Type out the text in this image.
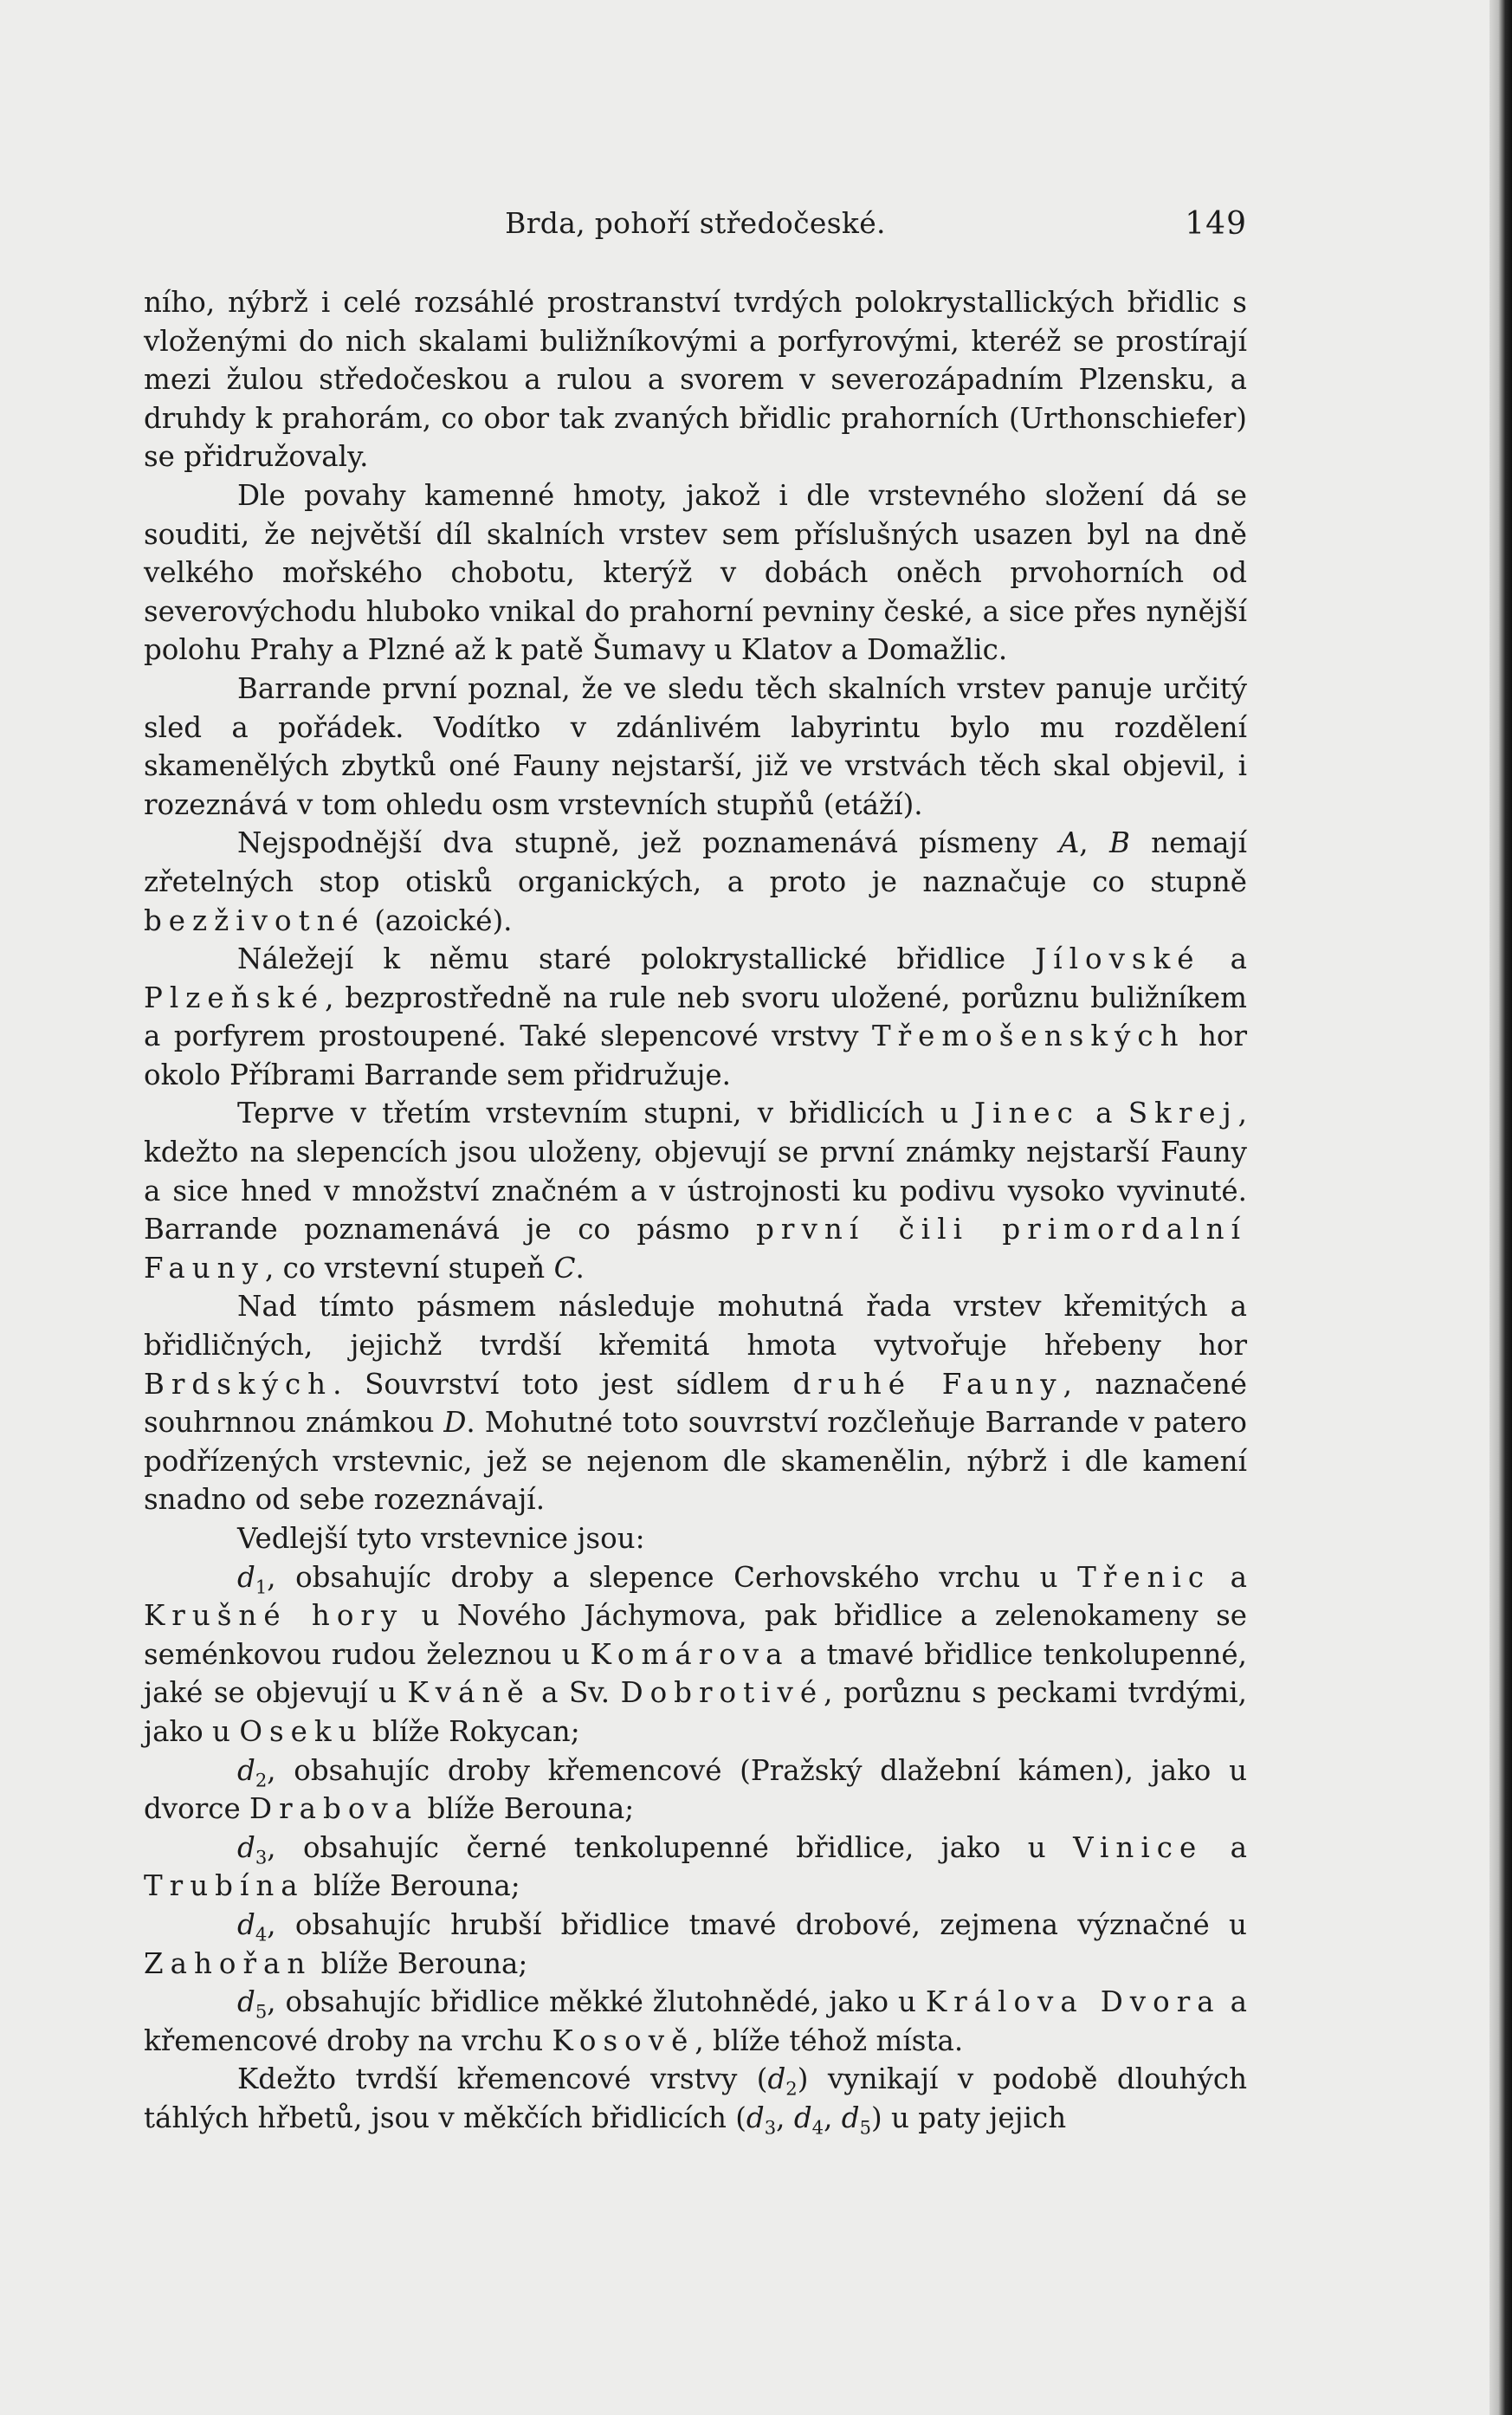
Brda, pohoří středočeské.	149

ního, nýbrž i celé rozsáhlé prostranství tvrdých polokrystallických břidlic s vloženými do nich skalami buližníkovými a porfyrovými, kteréž se prostírají mezi žulou středočeskou a rulou a svorem v severozápadním Plzensku, a druhdy k prahorám, co obor tak zvaných břidlic prahorních (Urthonschiefer) se přidružovaly.

Dle povahy kamenné hmoty, jakož i dle vrstevného složení dá se souditi, že největší díl skalních vrstev sem příslušných usazen byl na dně velkého mořského chobotu, kterýž v dobách oněch prvohorních od severovýchodu hluboko vnikal do prahorní pevniny české, a sice přes nynější polohu Prahy a Plzné až k patě Šumavy u Klatov a Domažlic.

Barrande první poznal, že ve sledu těch skalních vrstev panuje určitý sled a pořádek. Vodítko v zdánlivém labyrintu bylo mu rozdělení skamenělých zbytků oné Fauny nejstarší, již ve vrstvách těch skal objevil, i rozeznává v tom ohledu osm vrstevních stupňů (etáží).

Nejspodnější dva stupně, jež poznamenává písmeny A, B nemají zřetelných stop otisků organických, a proto je naznačuje co stupně bezživotné (azoické).

Náležejí k němu staré polokrystallické břidlice Jílovské a Plzeňské, bezprostředně na rule neb svoru uložené, porůznu buližníkem a porfyrem prostoupené. Také slepencové vrstvy Třemošenských hor okolo Příbrami Barrande sem přidružuje.

Teprve v třetím vrstevním stupni, v břidlicích u Jinec a Skrej, kdežto na slepencích jsou uloženy, objevují se první známky nejstarší Fauny a sice hned v množství značném a v ústrojnosti ku podivu vysoko vyvinuté. Barrande poznamenává je co pásmo první čili primordalní Fauny, co vrstevní stupeň C.

Nad tímto pásmem následuje mohutná řada vrstev křemitých a břidličných, jejichž tvrdší křemitá hmota vytvořuje hřebeny hor Brdských. Souvrství toto jest sídlem druhé Fauny, naznačené souhrnnou známkou D. Mohutné toto souvrství rozčleňuje Barrande v patero podřízených vrstevnic, jež se nejenom dle skamenělin, nýbrž i dle kamení snadno od sebe rozeznávají.

Vedlejší tyto vrstevnice jsou:

$d_1$, obsahujíc droby a slepence Cerhovského vrchu u Třenic a Krušné hory u Nového Jáchymova, pak břidlice a zelenokameny se seménkovou rudou železnou u Komárova a tmavé břidlice tenkolupenné, jaké se objevují u Kváně a Sv. Dobrotivé, porůznu s peckami tvrdými, jako u Oseku blíže Rokycan;

$d_2$, obsahujíc droby křemencové (Pražský dlažební kámen), jako u dvorce Drabova blíže Berouna;

$d_3$, obsahujíc černé tenkolupenné břidlice, jako u Vinice a Trubína blíže Berouna;

$d_4$, obsahujíc hrubší břidlice tmavé drobové, zejmena význačné u Zahořan blíže Berouna;

$d_5$, obsahujíc břidlice měkké žlutohnědé, jako u Králova Dvora a křemencové droby na vrchu Kosově, blíže téhož místa.

Kdežto tvrdší křemencové vrstvy $(d_2)$ vynikají v podobě dlouhých táhlých hřbetů, jsou v měkčích břidlicích ($d_3$, $d_4$, $d_5$) u paty jejich
